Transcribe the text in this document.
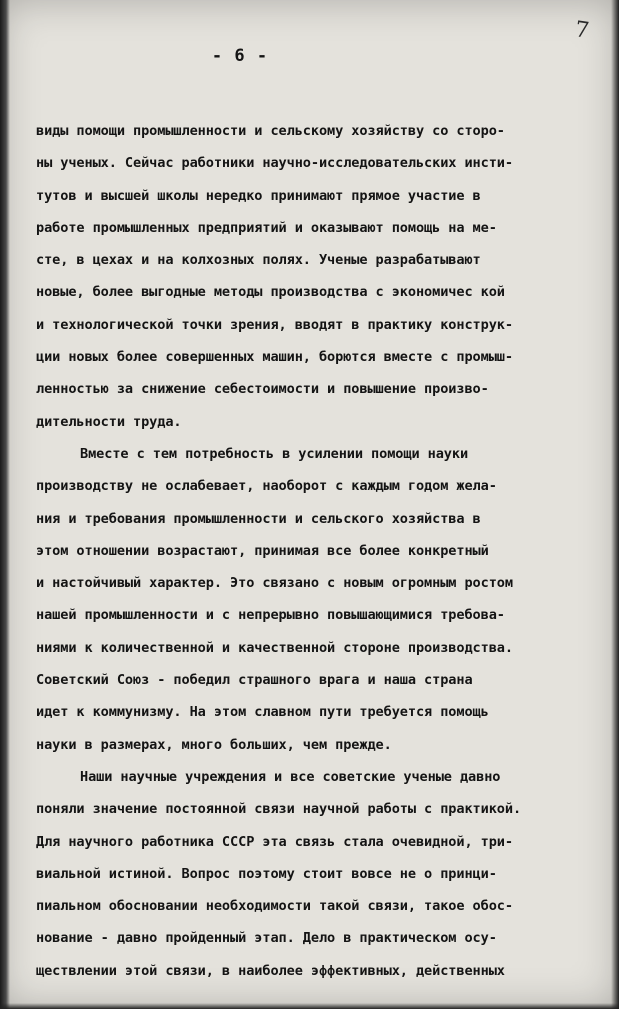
- 6 -
7
виды помощи промышленности и сельскому хозяйству со сторо-
ны ученых. Сейчас работники научно-исследовательских инсти-
тутов и высшей школы нередко принимают прямое участие в
работе промышленных предприятий и оказывают помощь на ме-
сте, в цехах и на колхозных полях. Ученые разрабатывают
новые, более выгодные методы производства с экономичес кой
и технологической точки зрения, вводят в практику конструк-
ции новых более совершенных машин, борются вместе с промыш-
ленностью за снижение себестоимости и повышение произво-
дительности труда.
Вместе с тем потребность в усилении помощи науки
производству не ослабевает, наоборот с каждым годом жела-
ния и требования промышленности и сельского хозяйства в
этом отношении возрастают, принимая все более конкретный
и настойчивый характер. Это связано с новым огромным ростом
нашей промышленности и с непрерывно повышающимися требова-
ниями к количественной и качественной стороне производства.
Советский Союз - победил страшного врага и наша страна
идет к коммунизму. На этом славном пути требуется помощь
науки в размерах, много больших, чем прежде.
Наши научные учреждения и все советские ученые давно
поняли значение постоянной связи научной работы с практикой.
Для научного работника СССР эта связь стала очевидной, три-
виальной истиной. Вопрос поэтому стоит вовсе не о принци-
пиальном обосновании необходимости такой связи, такое обос-
нование - давно пройденный этап. Дело в практическом осу-
ществлении этой связи, в наиболее эффективных, действенных
